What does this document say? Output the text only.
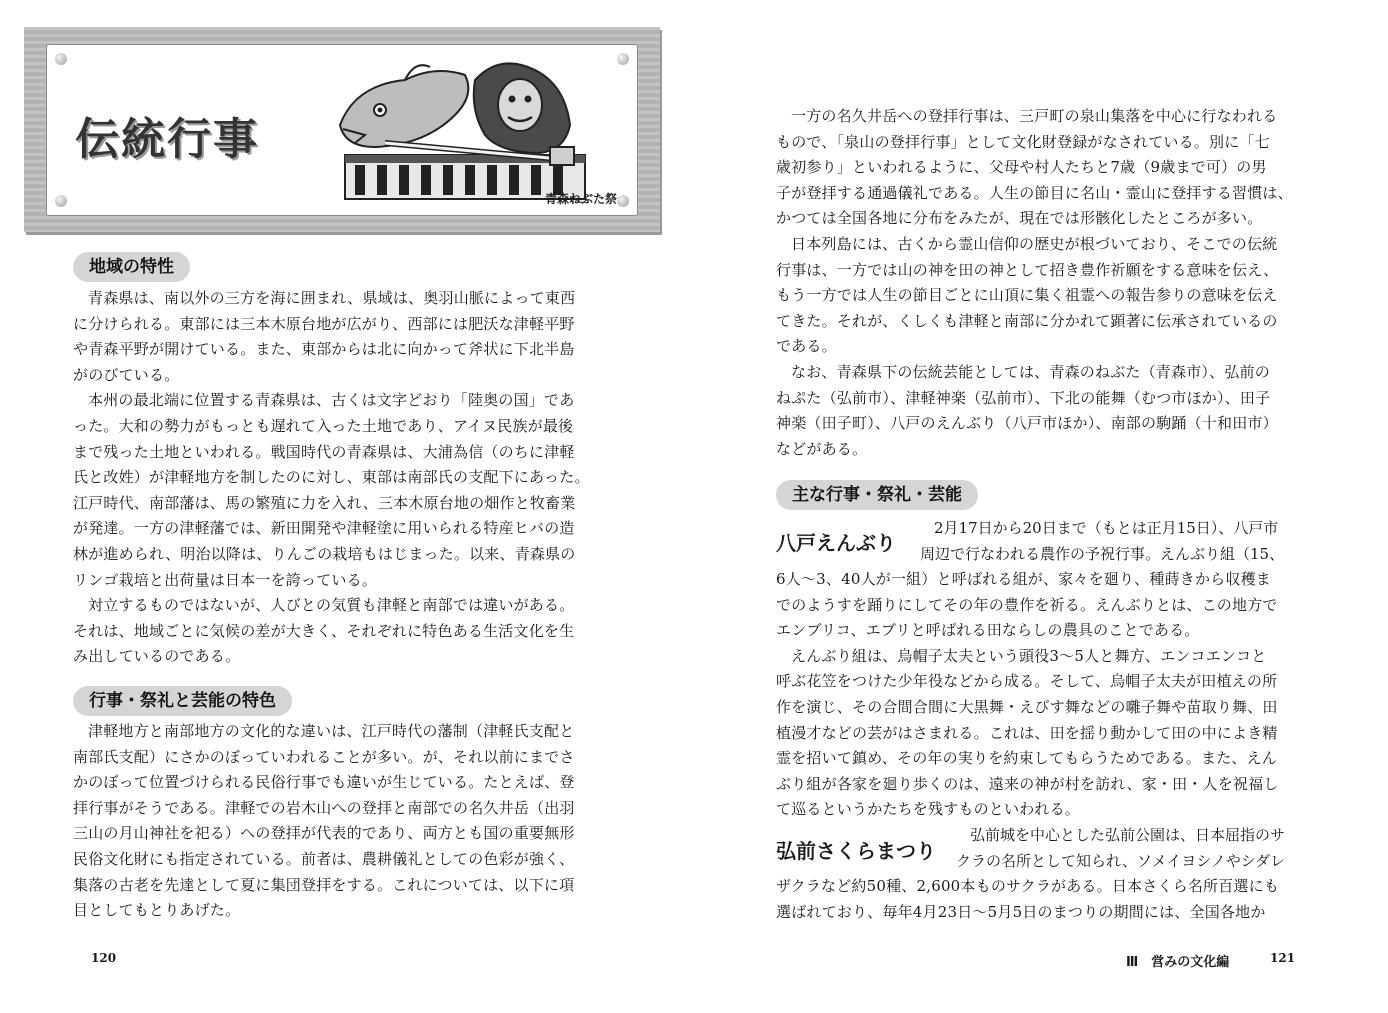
伝統行事
青森ねぶた祭
地域の特性
青森県は、南以外の三方を海に囲まれ、県域は、奥羽山脈によって東西
に分けられる。東部には三本木原台地が広がり、西部には肥沃な津軽平野
や青森平野が開けている。また、東部からは北に向かって斧状に下北半島
がのびている。
本州の最北端に位置する青森県は、古くは文字どおり「陸奥の国」であ
った。大和の勢力がもっとも遅れて入った土地であり、アイヌ民族が最後
まで残った土地といわれる。戦国時代の青森県は、大浦為信（のちに津軽
氏と改姓）が津軽地方を制したのに対し、東部は南部氏の支配下にあった。
江戸時代、南部藩は、馬の繁殖に力を入れ、三本木原台地の畑作と牧畜業
が発達。一方の津軽藩では、新田開発や津軽塗に用いられる特産ヒバの造
林が進められ、明治以降は、りんごの栽培もはじまった。以来、青森県の
リンゴ栽培と出荷量は日本一を誇っている。
対立するものではないが、人びとの気質も津軽と南部では違いがある。
それは、地域ごとに気候の差が大きく、それぞれに特色ある生活文化を生
み出しているのである。
行事・祭礼と芸能の特色
津軽地方と南部地方の文化的な違いは、江戸時代の藩制（津軽氏支配と
南部氏支配）にさかのぼっていわれることが多い。が、それ以前にまでさ
かのぼって位置づけられる民俗行事でも違いが生じている。たとえば、登
拝行事がそうである。津軽での岩木山への登拝と南部での名久井岳（出羽
三山の月山神社を祀る）への登拝が代表的であり、両方とも国の重要無形
民俗文化財にも指定されている。前者は、農耕儀礼としての色彩が強く、
集落の古老を先達として夏に集団登拝をする。これについては、以下に項
目としてもとりあげた。
120
一方の名久井岳への登拝行事は、三戸町の泉山集落を中心に行なわれる
もので、「泉山の登拝行事」として文化財登録がなされている。別に「七
歳初参り」といわれるように、父母や村人たちと7歳（9歳まで可）の男
子が登拝する通過儀礼である。人生の節目に名山・霊山に登拝する習慣は、
かつては全国各地に分布をみたが、現在では形骸化したところが多い。
日本列島には、古くから霊山信仰の歴史が根づいており、そこでの伝統
行事は、一方では山の神を田の神として招き豊作祈願をする意味を伝え、
もう一方では人生の節目ごとに山頂に集く祖霊への報告参りの意味を伝え
てきた。それが、くしくも津軽と南部に分かれて顕著に伝承されているの
である。
なお、青森県下の伝統芸能としては、青森のねぶた（青森市）、弘前の
ねぷた（弘前市）、津軽神楽（弘前市）、下北の能舞（むつ市ほか）、田子
神楽（田子町）、八戸のえんぶり（八戸市ほか）、南部の駒踊（十和田市）
などがある。
主な行事・祭礼・芸能
八戸えんぶり
2月17日から20日まで（もとは正月15日）、八戸市
周辺で行なわれる農作の予祝行事。えんぶり組（15、
6人〜3、40人が一組）と呼ばれる組が、家々を廻り、種蒔きから収穫ま
でのようすを踊りにしてその年の豊作を祈る。えんぶりとは、この地方で
エンブリコ、エブリと呼ばれる田ならしの農具のことである。
えんぶり組は、烏帽子太夫という頭役3〜5人と舞方、エンコエンコと
呼ぶ花笠をつけた少年役などから成る。そして、烏帽子太夫が田植えの所
作を演じ、その合間合間に大黒舞・えびす舞などの囃子舞や苗取り舞、田
植漫才などの芸がはさまれる。これは、田を揺り動かして田の中によき精
霊を招いて鎮め、その年の実りを約束してもらうためである。また、えん
ぶり組が各家を廻り歩くのは、遠来の神が村を訪れ、家・田・人を祝福し
て巡るというかたちを残すものといわれる。
弘前さくらまつり
弘前城を中心とした弘前公園は、日本屈指のサ
クラの名所として知られ、ソメイヨシノやシダレ
ザクラなど約50種、2,600本ものサクラがある。日本さくら名所百選にも
選ばれており、毎年4月23日〜5月5日のまつりの期間には、全国各地か
Ⅲ　営みの文化編	121
